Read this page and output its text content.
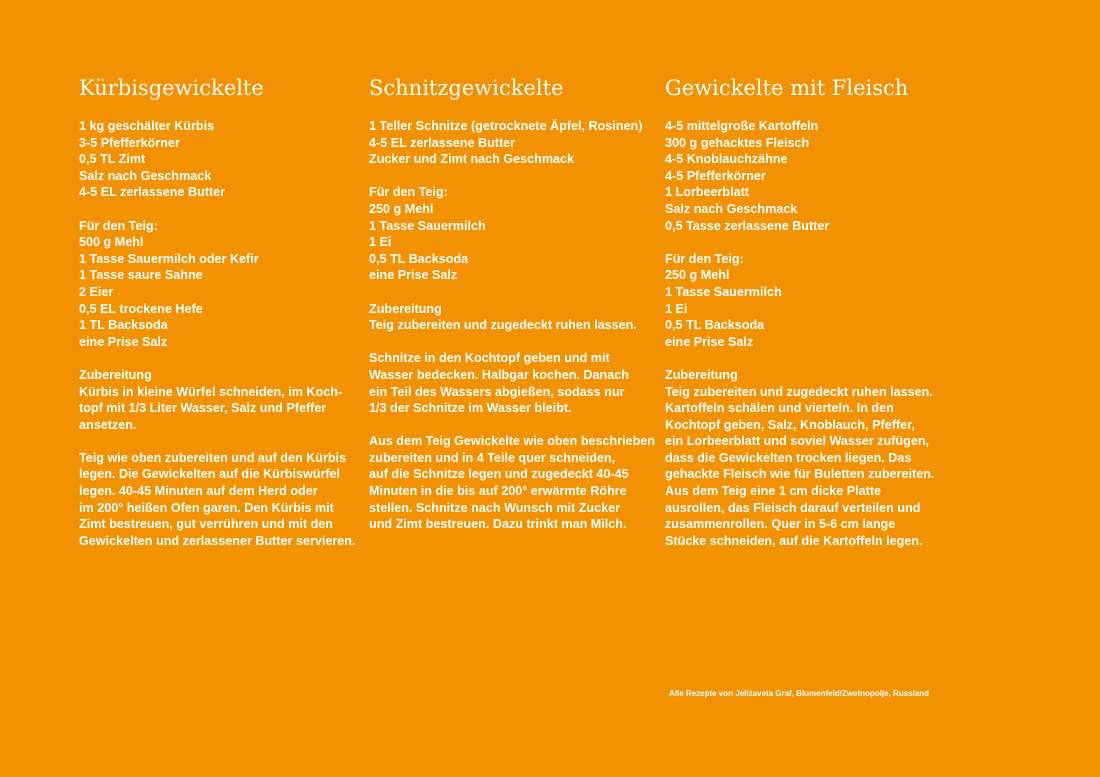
Kürbisgewickelte
1 kg geschälter Kürbis
3-5 Pfefferkörner
0,5 TL Zimt
Salz nach Geschmack
4-5 EL zerlassene Butter
Für den Teig:
500 g Mehl
1 Tasse Sauermilch oder Kefir
1 Tasse saure Sahne
2 Eier
0,5 EL trockene Hefe
1 TL Backsoda
eine Prise Salz
Zubereitung
Kürbis in kleine Würfel schneiden, im Koch-
topf mit 1/3 Liter Wasser, Salz und Pfeffer
ansetzen.
Teig wie oben zubereiten und auf den Kürbis
legen. Die Gewickelten auf die Kürbiswürfel
legen. 40-45 Minuten auf dem Herd oder
im 200° heißen Ofen garen. Den Kürbis mit
Zimt bestreuen, gut verrühren und mit den
Gewickelten und zerlassener Butter servieren.
Schnitzgewickelte
1 Teller Schnitze (getrocknete Äpfel, Rosinen)
4-5 EL zerlassene Butter
Zucker und Zimt nach Geschmack
Für den Teig:
250 g Mehl
1 Tasse Sauermilch
1 Ei
0,5 TL Backsoda
eine Prise Salz
Zubereitung
Teig zubereiten und zugedeckt ruhen lassen.
Schnitze in den Kochtopf geben und mit
Wasser bedecken. Halbgar kochen. Danach
ein Teil des Wassers abgießen, sodass nur
1/3 der Schnitze im Wasser bleibt.
Aus dem Teig Gewickelte wie oben beschrieben
zubereiten und in 4 Teile quer schneiden,
auf die Schnitze legen und zugedeckt 40-45
Minuten in die bis auf 200° erwärmte Röhre
stellen. Schnitze nach Wunsch mit Zucker
und Zimt bestreuen. Dazu trinkt man Milch.
Gewickelte mit Fleisch
4-5 mittelgroße Kartoffeln
300 g gehacktes Fleisch
4-5 Knoblauchzähne
4-5 Pfefferkörner
1 Lorbeerblatt
Salz nach Geschmack
0,5 Tasse zerlassene Butter
Für den Teig:
250 g Mehl
1 Tasse Sauermilch
1 Ei
0,5 TL Backsoda
eine Prise Salz
Zubereitung
Teig zubereiten und zugedeckt ruhen lassen.
Kartoffeln schälen und vierteln. In den
Kochtopf geben, Salz, Knoblauch, Pfeffer,
ein Lorbeerblatt und soviel Wasser zufügen,
dass die Gewickelten trocken liegen. Das
gehackte Fleisch wie für Buletten zubereiten.
Aus dem Teig eine 1 cm dicke Platte
ausrollen, das Fleisch darauf verteilen und
zusammenrollen. Quer in 5-6 cm lange
Stücke schneiden, auf die Kartoffeln legen.
Alle Rezepte von Jelizaveta Graf, Blumenfeld/Zwetnopolje, Russland
